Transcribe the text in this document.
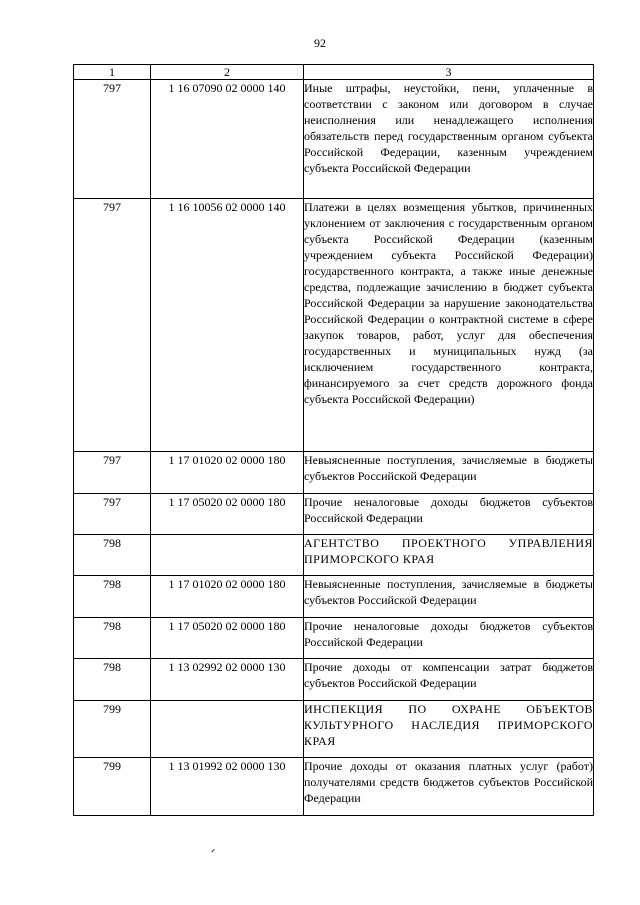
92
1	2	3
797	1 16 07090 02 0000 140	Иные штрафы, неустойки, пени, уплаченные в соответствии с законом или договором в случае неисполнения или ненадлежащего исполнения обязательств перед государственным органом субъекта Российской Федерации, казенным учреждением субъекта Российской Федерации
797	1 16 10056 02 0000 140	Платежи в целях возмещения убытков, причиненных уклонением от заключения с государственным органом субъекта Российской Федерации (казенным учреждением субъекта Российской Федерации) государственного контракта, а также иные денежные средства, подлежащие зачислению в бюджет субъекта Российской Федерации за нарушение законодательства Российской Федерации о контрактной системе в сфере закупок товаров, работ, услуг для обеспечения государственных и муниципальных нужд (за исключением государственного контракта, финансируемого за счет средств дорожного фонда субъекта Российской Федерации)
797	1 17 01020 02 0000 180	Невыясненные поступления, зачисляемые в бюджеты субъектов Российской Федерации
797	1 17 05020 02 0000 180	Прочие неналоговые доходы бюджетов субъектов Российской Федерации
798		АГЕНТСТВО ПРОЕКТНОГО УПРАВЛЕНИЯ ПРИМОРСКОГО КРАЯ
798	1 17 01020 02 0000 180	Невыясненные поступления, зачисляемые в бюджеты субъектов Российской Федерации
798	1 17 05020 02 0000 180	Прочие неналоговые доходы бюджетов субъектов Российской Федерации
798	1 13 02992 02 0000 130	Прочие доходы от компенсации затрат бюджетов субъектов Российской Федерации
799		ИНСПЕКЦИЯ ПО ОХРАНЕ ОБЪЕКТОВ КУЛЬТУРНОГО НАСЛЕДИЯ ПРИМОРСКОГО КРАЯ
799	1 13 01992 02 0000 130	Прочие доходы от оказания платных услуг (работ) получателями средств бюджетов субъектов Российской Федерации
ᐟ
